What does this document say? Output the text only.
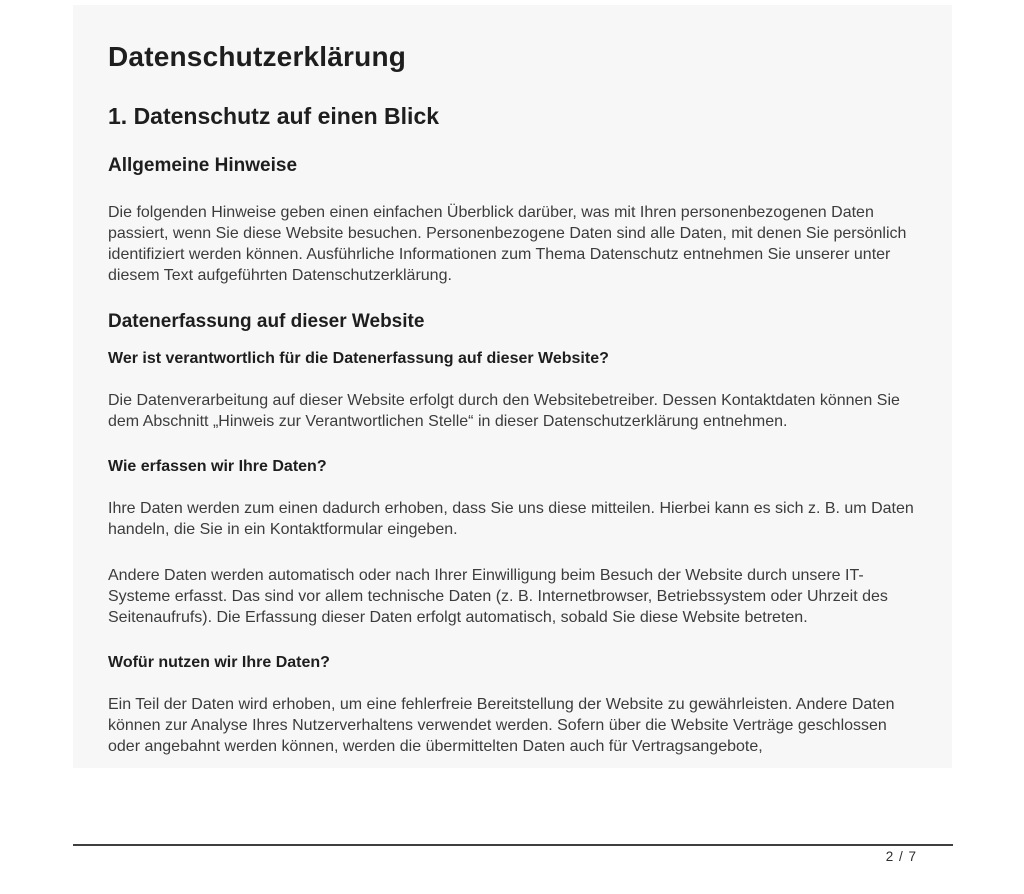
Datenschutzerklärung
1. Datenschutz auf einen Blick
Allgemeine Hinweise

Die folgenden Hinweise geben einen einfachen Überblick darüber, was mit Ihren personenbezogenen Daten passiert, wenn Sie diese Website besuchen. Personenbezogene Daten sind alle Daten, mit denen Sie persönlich identifiziert werden können. Ausführliche Informationen zum Thema Datenschutz entnehmen Sie unserer unter diesem Text aufgeführten Datenschutzerklärung.

Datenerfassung auf dieser Website
Wer ist verantwortlich für die Datenerfassung auf dieser Website?

Die Datenverarbeitung auf dieser Website erfolgt durch den Websitebetreiber. Dessen Kontaktdaten können Sie dem Abschnitt „Hinweis zur Verantwortlichen Stelle“ in dieser Datenschutzerklärung entnehmen.

Wie erfassen wir Ihre Daten?

Ihre Daten werden zum einen dadurch erhoben, dass Sie uns diese mitteilen. Hierbei kann es sich z. B. um Daten handeln, die Sie in ein Kontaktformular eingeben.

Andere Daten werden automatisch oder nach Ihrer Einwilligung beim Besuch der Website durch unsere IT-Systeme erfasst. Das sind vor allem technische Daten (z. B. Internetbrowser, Betriebssystem oder Uhrzeit des Seitenaufrufs). Die Erfassung dieser Daten erfolgt automatisch, sobald Sie diese Website betreten.

Wofür nutzen wir Ihre Daten?

Ein Teil der Daten wird erhoben, um eine fehlerfreie Bereitstellung der Website zu gewährleisten. Andere Daten können zur Analyse Ihres Nutzerverhaltens verwendet werden. Sofern über die Website Verträge geschlossen oder angebahnt werden können, werden die übermittelten Daten auch für Vertragsangebote,

2 / 7
